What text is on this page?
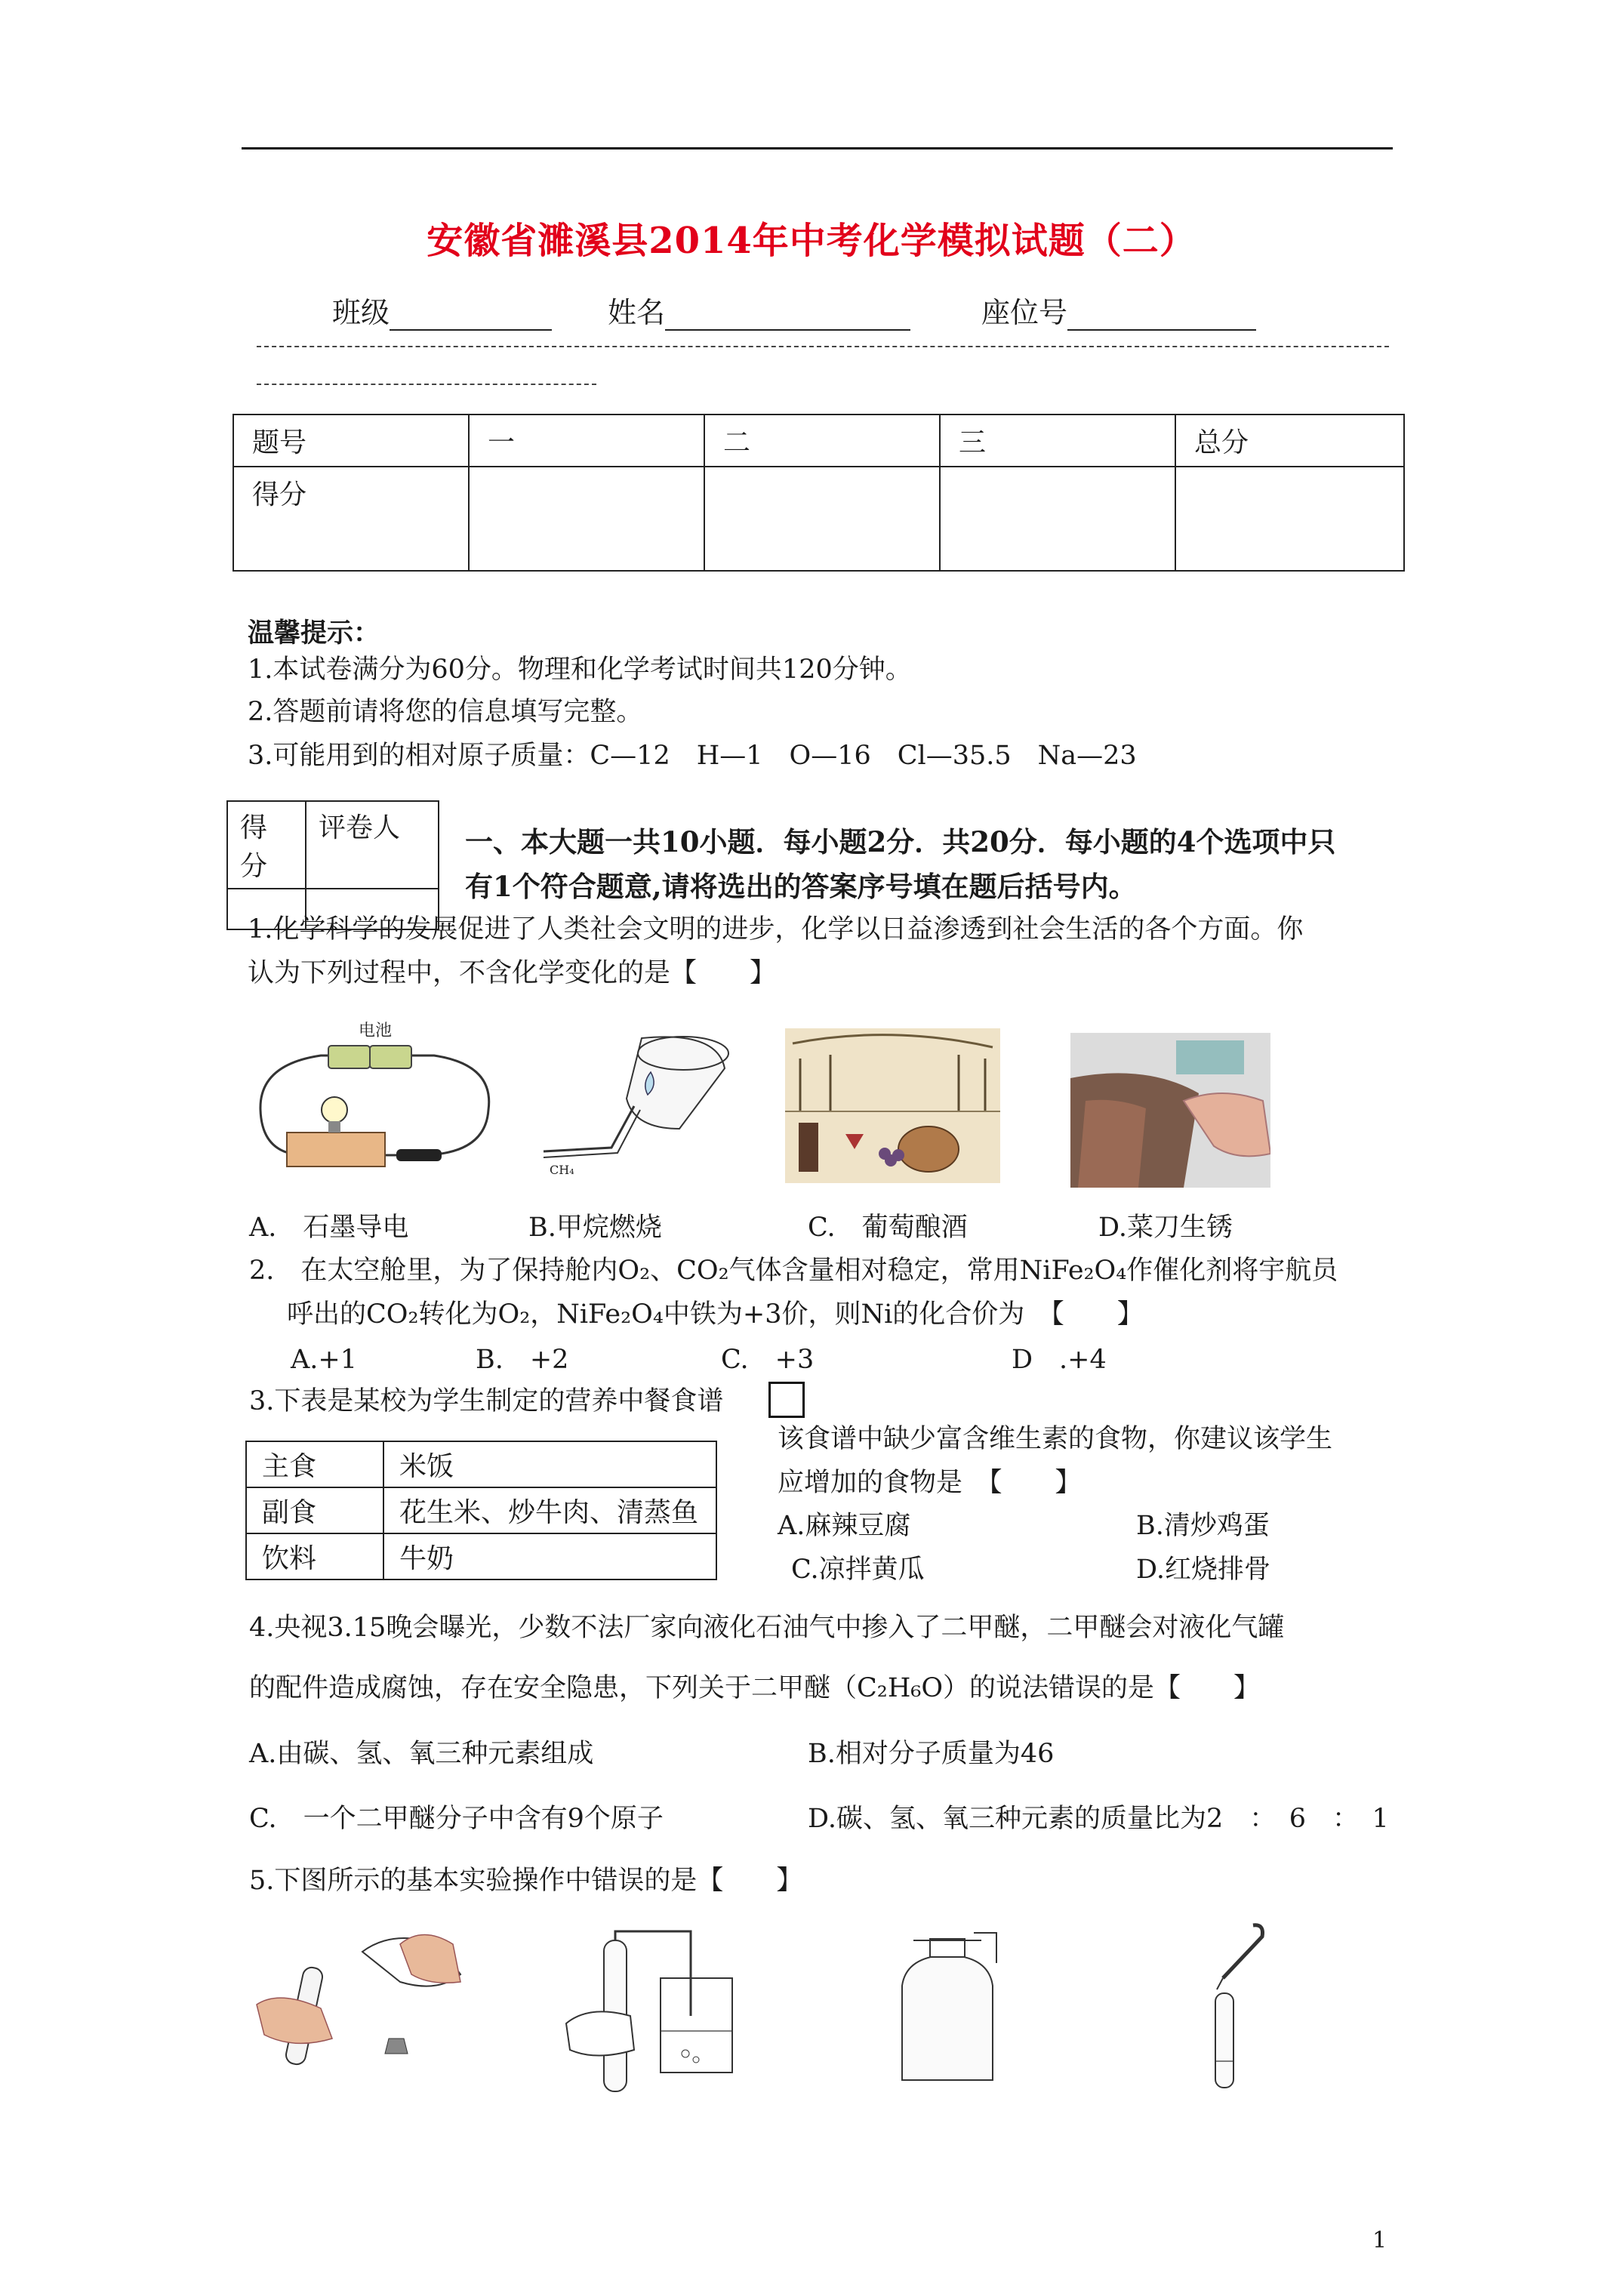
安徽省濉溪县2014年中考化学模拟试题（二）
班级	姓名	座位号
题号	一	二	三	总分
得分				
温馨提示：
1.本试卷满分为60分。物理和化学考试时间共120分钟。
2.答题前请将您的信息填写完整。
3.可能用到的相对原子质量：C—12　H—1　O—16　Cl—35.5　Na—23
得分	评卷人
	一、本大题一共10小题．每小题2分．共20分．每小题的4个选项中只
有1个符合题意,请将选出的答案序号填在题后括号内。
1.化学科学的发展促进了人类社会文明的进步，化学以日益渗透到社会生活的各个方面。你
认为下列过程中，不含化学变化的是【　　】
电池
CH₄
A.　石墨导电	B.甲烷燃烧	C.　葡萄酿酒	D.菜刀生锈
2.　在太空舱里，为了保持舱内O₂、CO₂气体含量相对稳定，常用NiFe₂O₄作催化剂将宇航员
呼出的CO₂转化为O₂，NiFe₂O₄中铁为+3价，则Ni的化合价为　【　　】
A.+1	B.　+2	C.　+3	D　.+4
3.下表是某校为学生制定的营养中餐食谱
主食	米饭
副食	花生米、炒牛肉、清蒸鱼
饮料	牛奶
该食谱中缺少富含维生素的食物，你建议该学生
应增加的食物是　【　　】
A.麻辣豆腐	B.清炒鸡蛋
C.凉拌黄瓜	D.红烧排骨
4.央视3.15晚会曝光，少数不法厂家向液化石油气中掺入了二甲醚，二甲醚会对液化气罐
的配件造成腐蚀，存在安全隐患，下列关于二甲醚（C₂H₆O）的说法错误的是【　　】
A.由碳、氢、氧三种元素组成	B.相对分子质量为46
C.　一个二甲醚分子中含有9个原子	D.碳、氢、氧三种元素的质量比为2　：　6　：　1
5.下图所示的基本实验操作中错误的是【　　】
1
